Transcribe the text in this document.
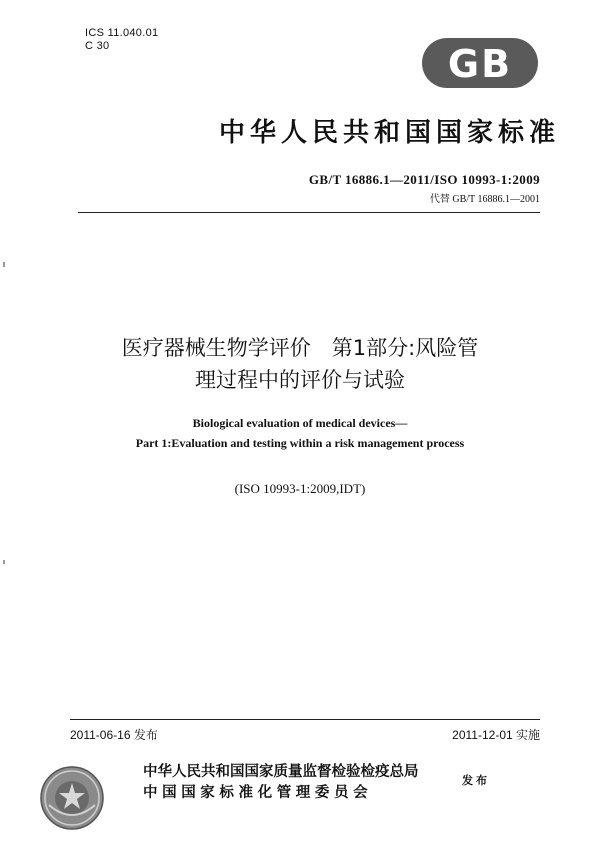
ICS 11.040.01
C 30	GB
中华人民共和国国家标准
GB/T 16886.1—2011/ISO 10993-1:2009
代替 GB/T 16886.1—2001
医疗器械生物学评价　第1部分:风险管
理过程中的评价与试验
Biological evaluation of medical devices—
Part 1:Evaluation and testing within a risk management process
(ISO 10993-1:2009,IDT)
2011-06-16 发布	2011-12-01 实施
中华人民共和国国家质量监督检验检疫总局
中国国家标准化管理委员会
发布
